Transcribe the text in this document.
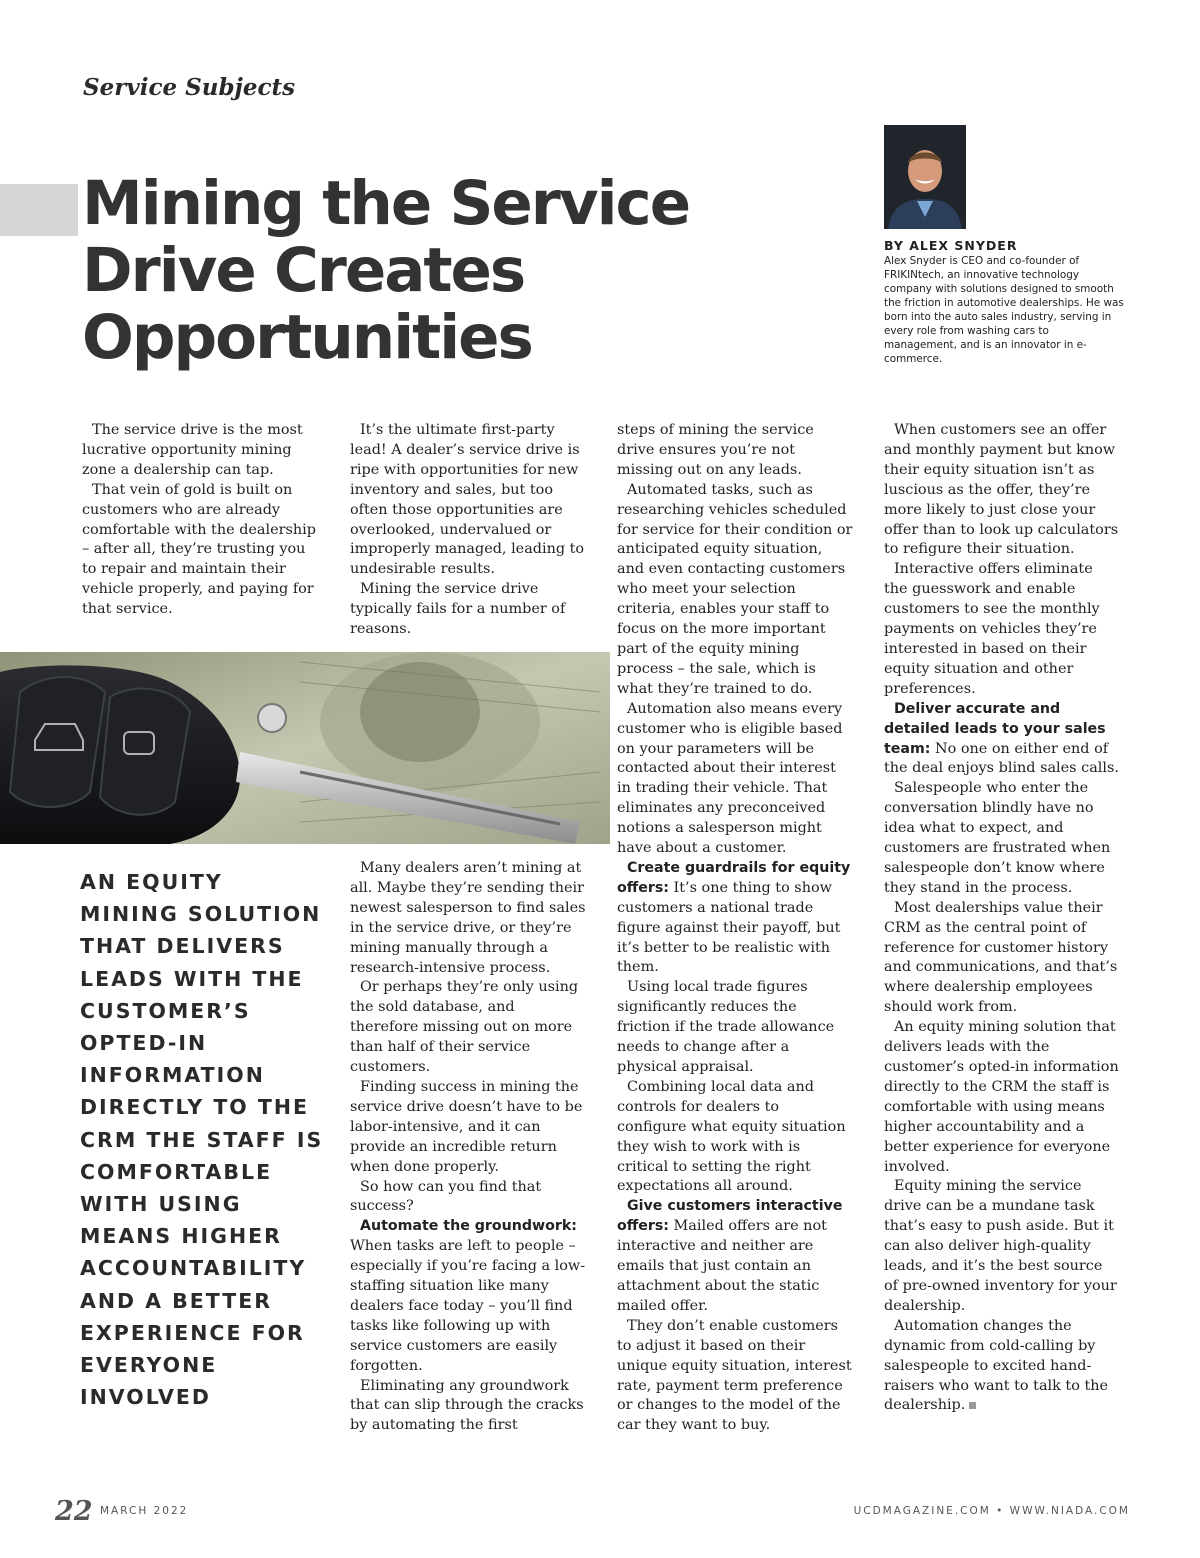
Service Subjects
Mining the Service Drive Creates Opportunities
BY ALEX SNYDER
Alex Snyder is CEO and co-founder of FRIKINtech, an innovative technology company with solutions designed to smooth the friction in automotive dealerships. He was born into the auto sales industry, serving in every role from washing cars to management, and is an innovator in e-commerce.

The service drive is the most lucrative opportunity mining zone a dealership can tap.

That vein of gold is built on customers who are already comfortable with the dealership – after all, they’re trusting you to repair and maintain their vehicle properly, and paying for that service.

It’s the ultimate first-party lead! A dealer’s service drive is ripe with opportunities for new inventory and sales, but too often those opportunities are overlooked, undervalued or improperly managed, leading to undesirable results.

Mining the service drive typically fails for a number of reasons.

AN EQUITY MINING SOLUTION THAT DELIVERS LEADS WITH THE CUSTOMER’S OPTED-IN INFORMATION DIRECTLY TO THE CRM THE STAFF IS COMFORTABLE WITH USING MEANS HIGHER ACCOUNTABILITY AND A BETTER EXPERIENCE FOR EVERYONE INVOLVED

Many dealers aren’t mining at all. Maybe they’re sending their newest salesperson to find sales in the service drive, or they’re mining manually through a research-intensive process.

Or perhaps they’re only using the sold database, and therefore missing out on more than half of their service customers.

Finding success in mining the service drive doesn’t have to be labor-intensive, and it can provide an incredible return when done properly.

So how can you find that success?

Automate the groundwork: When tasks are left to people – especially if you’re facing a low-staffing situation like many dealers face today – you’ll find tasks like following up with service customers are easily forgotten.

Eliminating any groundwork that can slip through the cracks by automating the first

steps of mining the service drive ensures you’re not missing out on any leads.

Automated tasks, such as researching vehicles scheduled for service for their condition or anticipated equity situation, and even contacting customers who meet your selection criteria, enables your staff to focus on the more important part of the equity mining process – the sale, which is what they’re trained to do.

Automation also means every customer who is eligible based on your parameters will be contacted about their interest in trading their vehicle. That eliminates any preconceived notions a salesperson might have about a customer.

Create guardrails for equity offers: It’s one thing to show customers a national trade figure against their payoff, but it’s better to be realistic with them.

Using local trade figures significantly reduces the friction if the trade allowance needs to change after a physical appraisal.

Combining local data and controls for dealers to configure what equity situation they wish to work with is critical to setting the right expectations all around.

Give customers interactive offers: Mailed offers are not interactive and neither are emails that just contain an attachment about the static mailed offer.

They don’t enable customers to adjust it based on their unique equity situation, interest rate, payment term preference or changes to the model of the car they want to buy.

When customers see an offer and monthly payment but know their equity situation isn’t as luscious as the offer, they’re more likely to just close your offer than to look up calculators to refigure their situation.

Interactive offers eliminate the guesswork and enable customers to see the monthly payments on vehicles they’re interested in based on their equity situation and other preferences.

Deliver accurate and detailed leads to your sales team: No one on either end of the deal enjoys blind sales calls.

Salespeople who enter the conversation blindly have no idea what to expect, and customers are frustrated when salespeople don’t know where they stand in the process.

Most dealerships value their CRM as the central point of reference for customer history and communications, and that’s where dealership employees should work from.

An equity mining solution that delivers leads with the customer’s opted-in information directly to the CRM the staff is comfortable with using means higher accountability and a better experience for everyone involved.

Equity mining the service drive can be a mundane task that’s easy to push aside. But it can also deliver high-quality leads, and it’s the best source of pre-owned inventory for your dealership.

Automation changes the dynamic from cold-calling by salespeople to excited hand-raisers who want to talk to the dealership.

22 MARCH 2022	UCDMAGAZINE.COM • WWW.NIADA.COM
